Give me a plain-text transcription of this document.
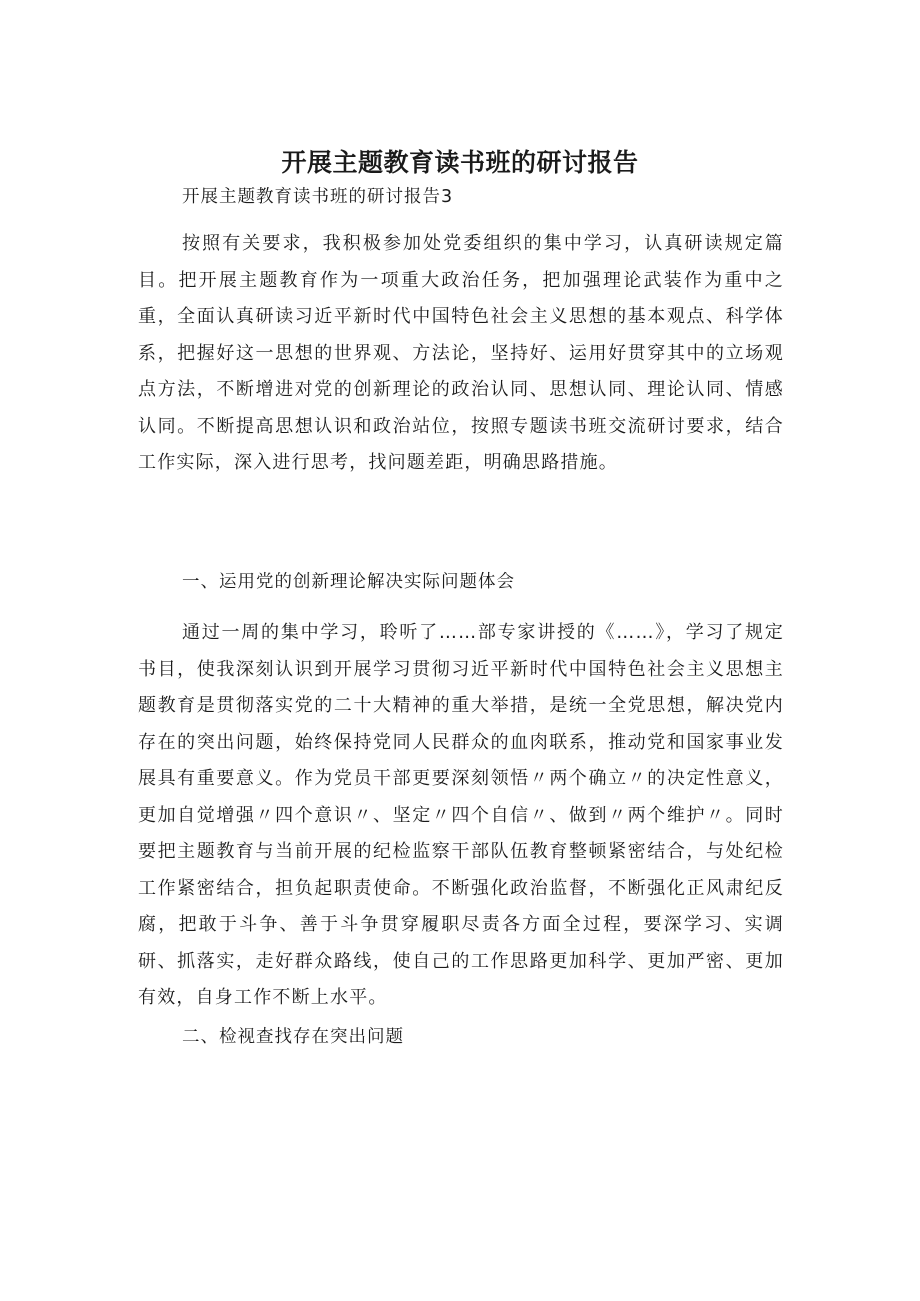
开展主题教育读书班的研讨报告
开展主题教育读书班的研讨报告3

按照有关要求，我积极参加处党委组织的集中学习，认真研读规定篇目。把开展主题教育作为一项重大政治任务，把加强理论武装作为重中之重，全面认真研读习近平新时代中国特色社会主义思想的基本观点、科学体系，把握好这一思想的世界观、方法论，坚持好、运用好贯穿其中的立场观点方法，不断增进对党的创新理论的政治认同、思想认同、理论认同、情感认同。不断提高思想认识和政治站位，按照专题读书班交流研讨要求，结合工作实际，深入进行思考，找问题差距，明确思路措施。

一、运用党的创新理论解决实际问题体会

通过一周的集中学习，聆听了……部专家讲授的《……》，学习了规定书目，使我深刻认识到开展学习贯彻习近平新时代中国特色社会主义思想主题教育是贯彻落实党的二十大精神的重大举措，是统一全党思想，解决党内存在的突出问题，始终保持党同人民群众的血肉联系，推动党和国家事业发展具有重要意义。作为党员干部更要深刻领悟〃两个确立〃的决定性意义，更加自觉增强〃四个意识〃、坚定〃四个自信〃、做到〃两个维护〃。同时要把主题教育与当前开展的纪检监察干部队伍教育整顿紧密结合，与处纪检工作紧密结合，担负起职责使命。不断强化政治监督，不断强化正风肃纪反腐，把敢于斗争、善于斗争贯穿履职尽责各方面全过程，要深学习、实调研、抓落实，走好群众路线，使自己的工作思路更加科学、更加严密、更加有效，自身工作不断上水平。

二、检视查找存在突出问题
